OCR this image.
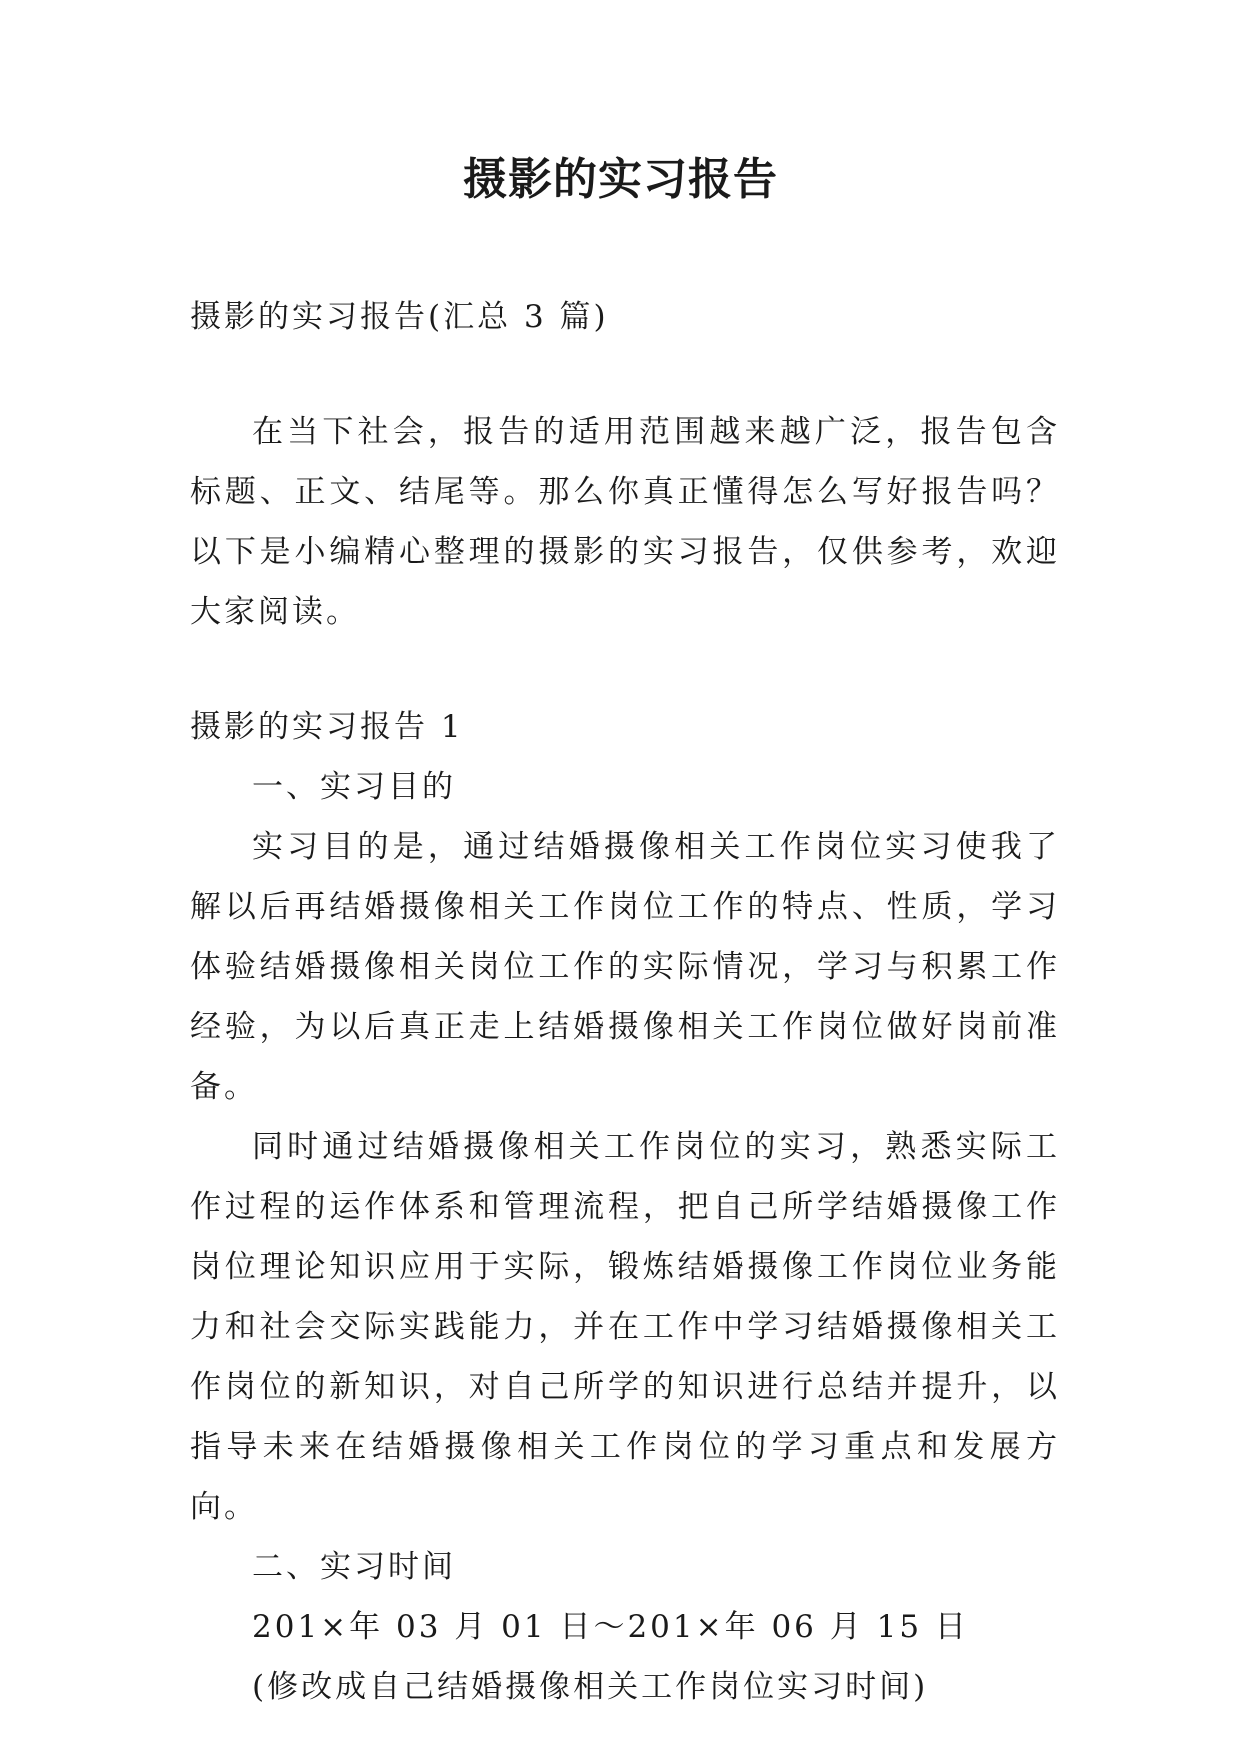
摄影的实习报告

摄影的实习报告(汇总 3 篇)

在当下社会，报告的适用范围越来越广泛，报告包含标题、正文、结尾等。那么你真正懂得怎么写好报告吗？以下是小编精心整理的摄影的实习报告，仅供参考，欢迎大家阅读。

摄影的实习报告 1

一、实习目的

实习目的是，通过结婚摄像相关工作岗位实习使我了解以后再结婚摄像相关工作岗位工作的特点、性质，学习体验结婚摄像相关岗位工作的实际情况，学习与积累工作经验，为以后真正走上结婚摄像相关工作岗位做好岗前准备。

同时通过结婚摄像相关工作岗位的实习，熟悉实际工作过程的运作体系和管理流程，把自己所学结婚摄像工作岗位理论知识应用于实际，锻炼结婚摄像工作岗位业务能力和社会交际实践能力，并在工作中学习结婚摄像相关工作岗位的新知识，对自己所学的知识进行总结并提升，以指导未来在结婚摄像相关工作岗位的学习重点和发展方向。

二、实习时间

201×年 03 月 01 日～201×年 06 月 15 日

(修改成自己结婚摄像相关工作岗位实习时间)
